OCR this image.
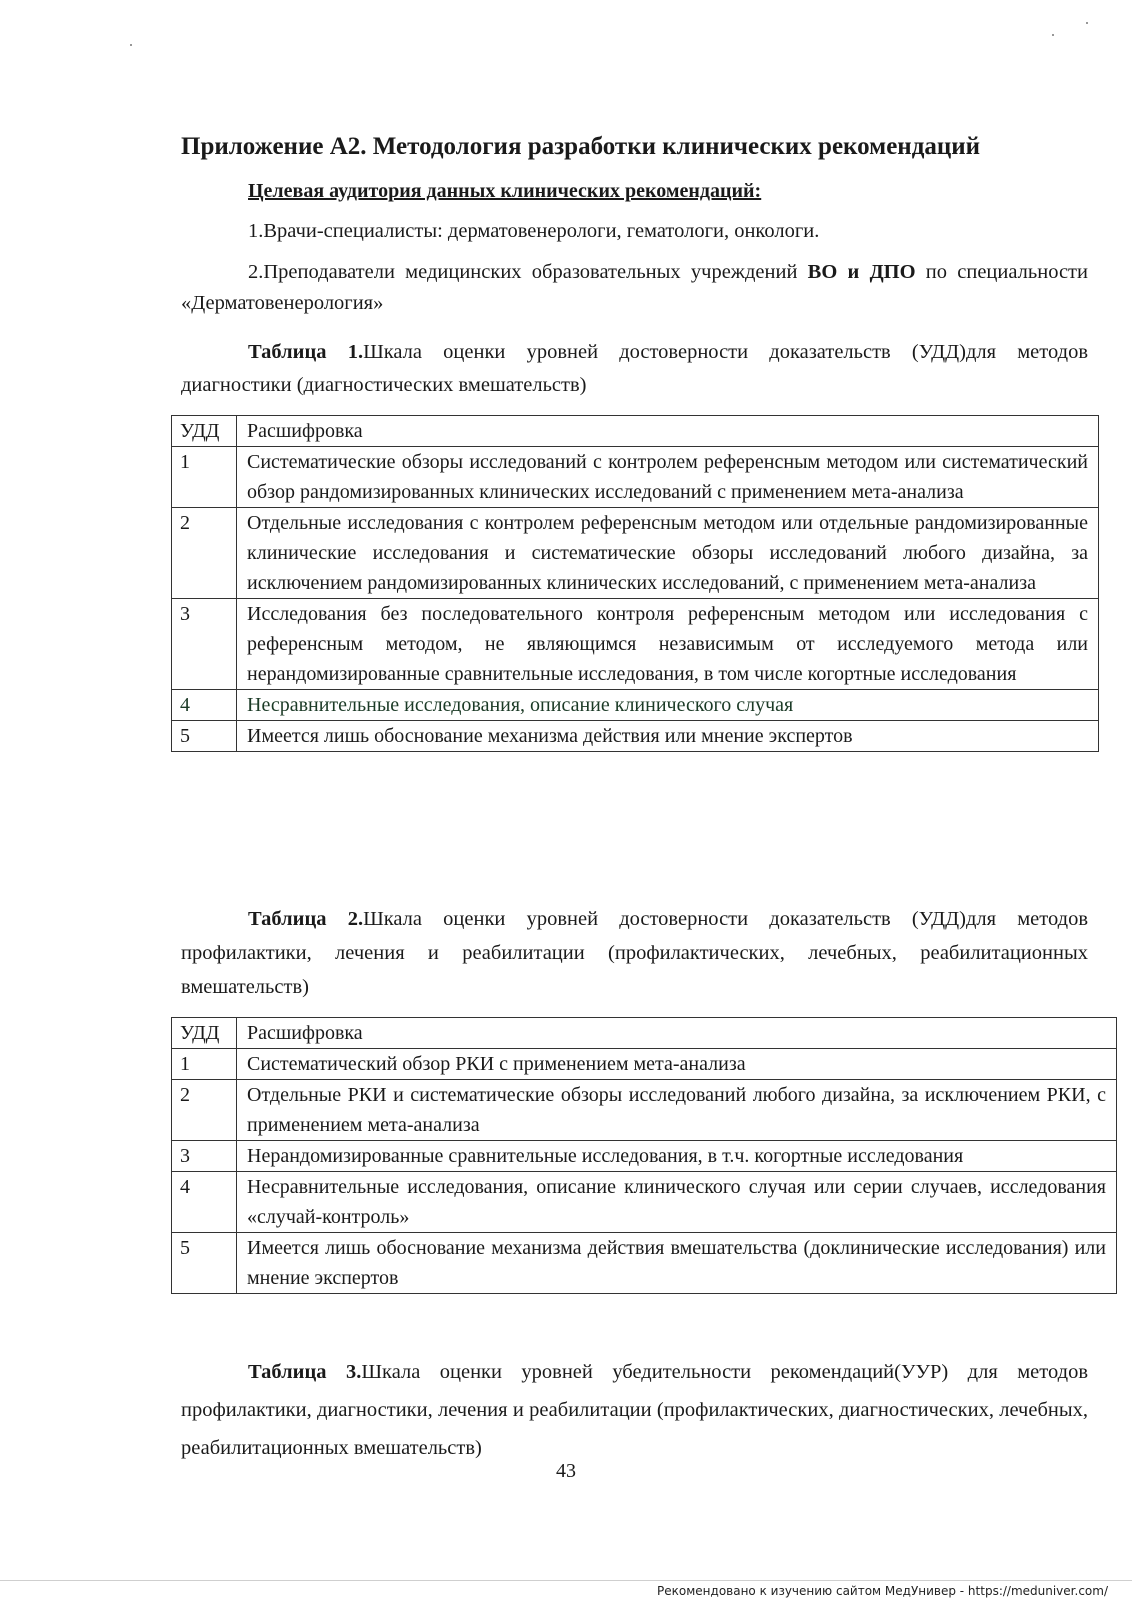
Приложение А2. Методология разработки клинических рекомендаций
Целевая аудитория данных клинических рекомендаций:

1.Врачи-специалисты: дерматовенерологи, гематологи, онкологи.

2.Преподаватели медицинских образовательных учреждений ВО и ДПО по специальности «Дерматовенерология»

Таблица 1.Шкала оценки уровней достоверности доказательств (УДД)для методов диагностики (диагностических вмешательств)

УДД	Расшифровка
1	Систематические обзоры исследований с контролем референсным методом или систематический обзор рандомизированных клинических исследований с применением мета-анализа
2	Отдельные исследования с контролем референсным методом или отдельные рандомизированные клинические исследования и систематические обзоры исследований любого дизайна, за исключением рандомизированных клинических исследований, с применением мета-анализа
3	Исследования без последовательного контроля референсным методом или исследования с референсным методом, не являющимся независимым от исследуемого метода или нерандомизированные сравнительные исследования, в том числе когортные исследования
4	Несравнительные исследования, описание клинического случая
5	Имеется лишь обоснование механизма действия или мнение экспертов

Таблица 2.Шкала оценки уровней достоверности доказательств (УДД)для методов профилактики, лечения и реабилитации (профилактических, лечебных, реабилитационных вмешательств)

УДД	Расшифровка
1	Систематический обзор РКИ с применением мета-анализа
2	Отдельные РКИ и систематические обзоры исследований любого дизайна, за исключением РКИ, с применением мета-анализа
3	Нерандомизированные сравнительные исследования, в т.ч. когортные исследования
4	Несравнительные исследования, описание клинического случая или серии случаев, исследования «случай-контроль»
5	Имеется лишь обоснование механизма действия вмешательства (доклинические исследования) или мнение экспертов

Таблица 3.Шкала оценки уровней убедительности рекомендаций(УУР) для методов профилактики, диагностики, лечения и реабилитации (профилактических, диагностических, лечебных, реабилитационных вмешательств)

43
Рекомендовано к изучению сайтом МедУнивер - https://meduniver.com/
